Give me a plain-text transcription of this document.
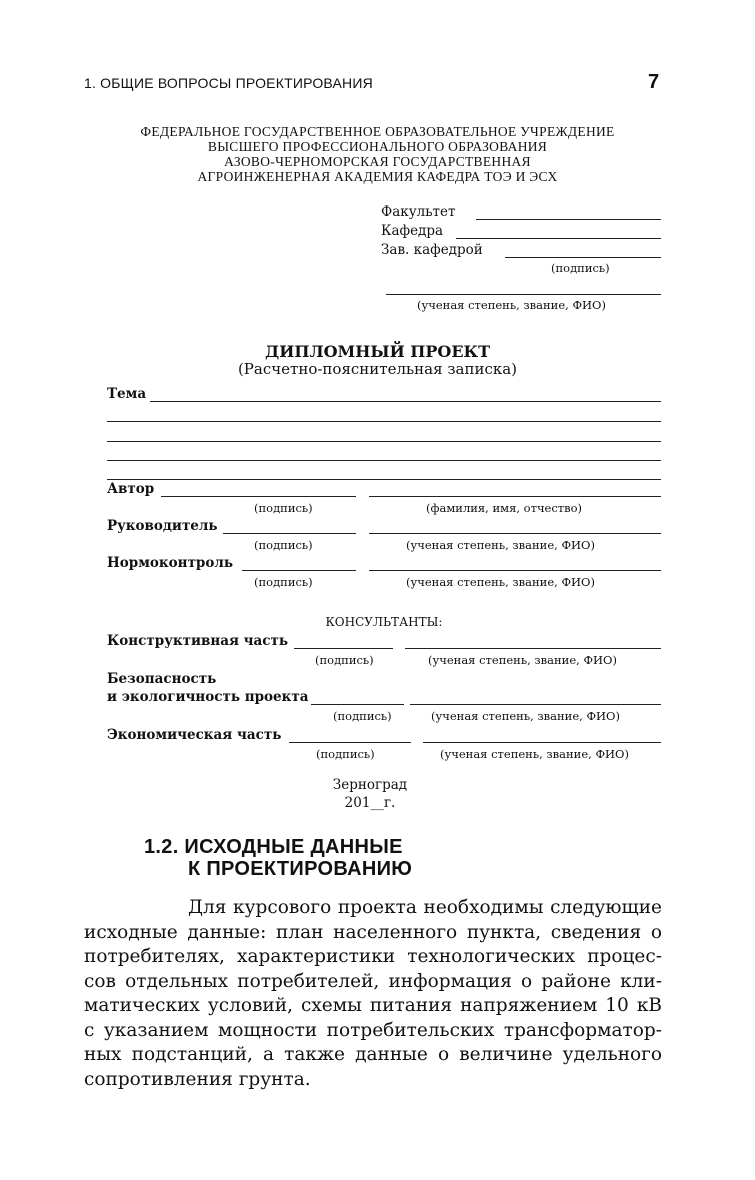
1. ОБЩИЕ ВОПРОСЫ ПРОЕКТИРОВАНИЯ	7
ФЕДЕРАЛЬНОЕ ГОСУДАРСТВЕННОЕ ОБРАЗОВАТЕЛЬНОЕ УЧРЕЖДЕНИЕ
ВЫСШЕГО ПРОФЕССИОНАЛЬНОГО ОБРАЗОВАНИЯ
АЗОВО-ЧЕРНОМОРСКАЯ ГОСУДАРСТВЕННАЯ
АГРОИНЖЕНЕРНАЯ АКАДЕМИЯ КАФЕДРА ТОЭ И ЭСХ
Факультет
Кафедра
Зав. кафедрой
(подпись)
(ученая степень, звание, ФИО)
ДИПЛОМНЫЙ ПРОЕКТ
(Расчетно-пояснительная записка)
Тема
Автор
(подпись)	(фамилия, имя, отчество)
Руководитель
(подпись)	(ученая степень, звание, ФИО)
Нормоконтроль
(подпись)	(ученая степень, звание, ФИО)
КОНСУЛЬТАНТЫ:
Конструктивная часть
(подпись)	(ученая степень, звание, ФИО)
Безопасность
и экологичность проекта
(подпись)	(ученая степень, звание, ФИО)
Экономическая часть
(подпись)	(ученая степень, звание, ФИО)
Зерноград
201__г.
1.2. ИСХОДНЫЕ ДАННЫЕ
К ПРОЕКТИРОВАНИЮ
Для курсового проекта необходимы следующие
исходные данные: план населенного пункта, сведения о
потребителях, характеристики технологических процес-
сов отдельных потребителей, информация о районе кли-
матических условий, схемы питания напряжением 10 кВ
с указанием мощности потребительских трансформатор-
ных подстанций, а также данные о величине удельного
сопротивления грунта.
